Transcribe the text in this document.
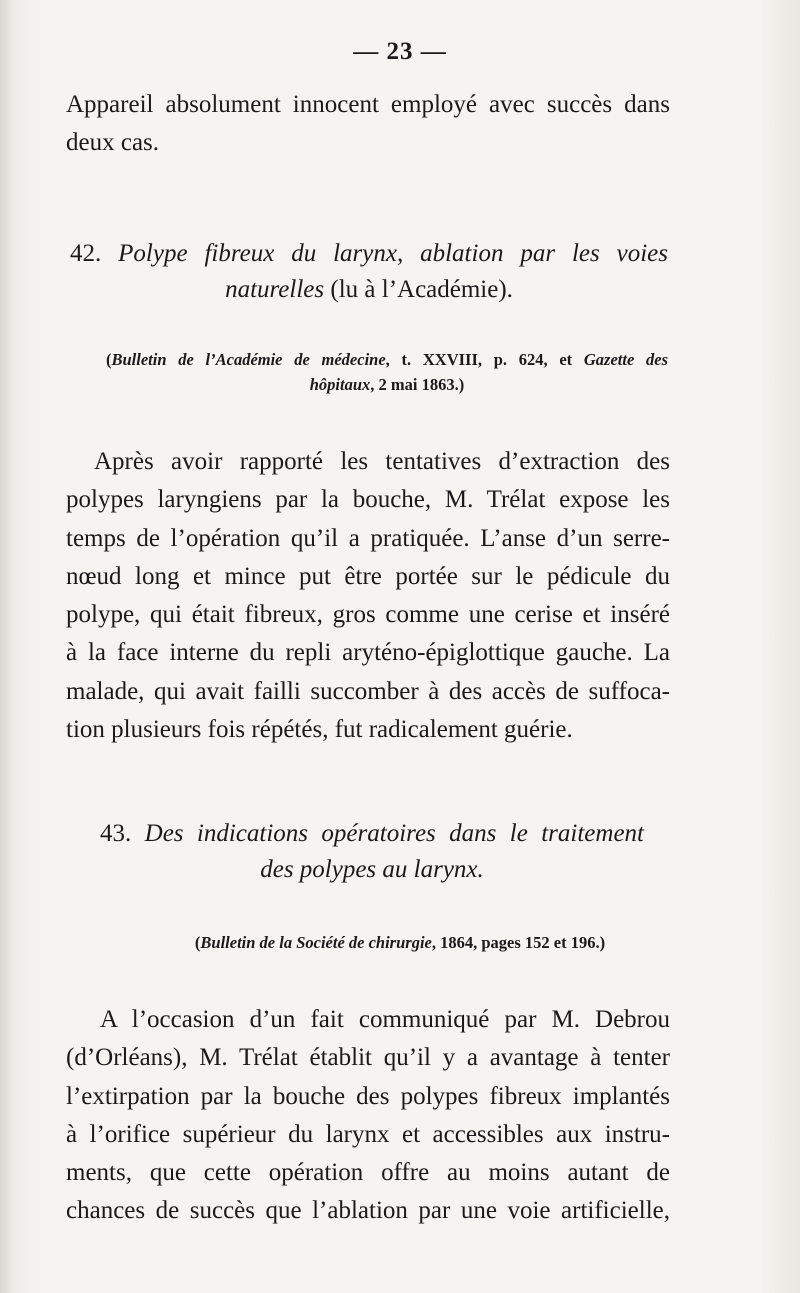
— 23 —
Appareil absolument innocent employé avec succès dans
deux cas.
42. Polype fibreux du larynx, ablation par les voies
naturelles (lu à l’Académie).
(Bulletin de l’Académie de médecine, t. XXVIII, p. 624, et Gazette des
hôpitaux, 2 mai 1863.)
Après avoir rapporté les tentatives d’extraction des
polypes laryngiens par la bouche, M. Trélat expose les
temps de l’opération qu’il a pratiquée. L’anse d’un serre-
nœud long et mince put être portée sur le pédicule du
polype, qui était fibreux, gros comme une cerise et inséré
à la face interne du repli aryténo-épiglottique gauche. La
malade, qui avait failli succomber à des accès de suffoca-
tion plusieurs fois répétés, fut radicalement guérie.
43. Des indications opératoires dans le traitement
des polypes au larynx.
(Bulletin de la Société de chirurgie, 1864, pages 152 et 196.)
A l’occasion d’un fait communiqué par M. Debrou
(d’Orléans), M. Trélat établit qu’il y a avantage à tenter
l’extirpation par la bouche des polypes fibreux implantés
à l’orifice supérieur du larynx et accessibles aux instru-
ments, que cette opération offre au moins autant de
chances de succès que l’ablation par une voie artificielle,
